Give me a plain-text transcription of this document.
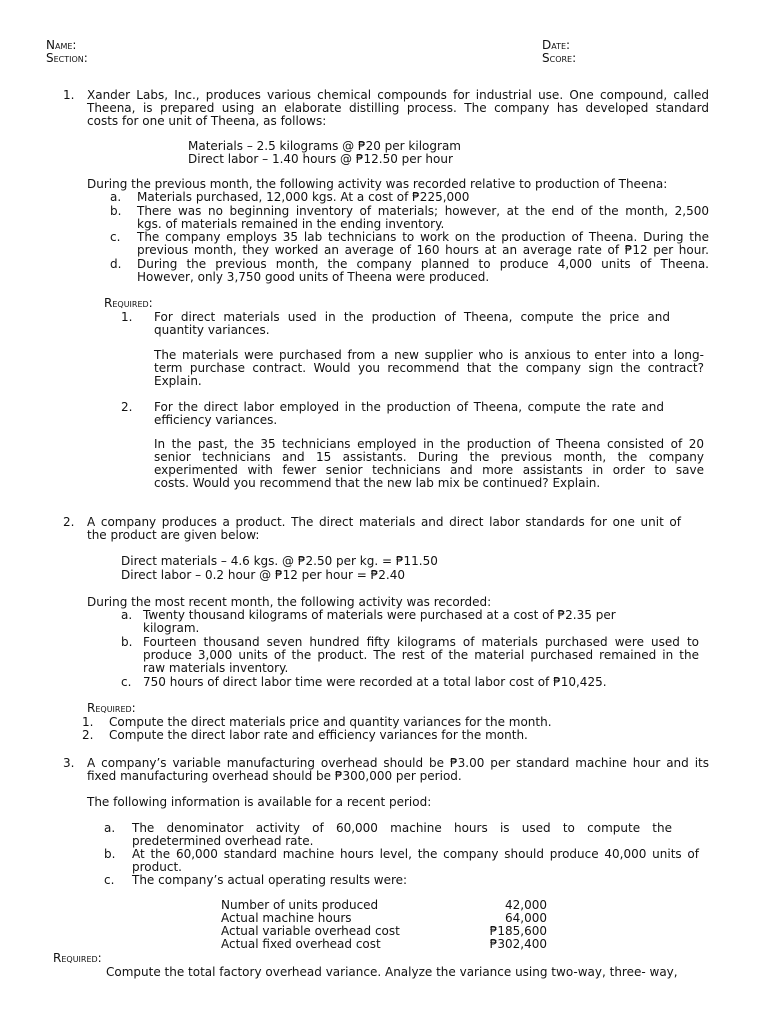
Name:
Section:
Date:
Score:
1. Xander Labs, Inc., produces various chemical compounds for industrial use. One compound, called
Theena, is prepared using an elaborate distilling process. The company has developed standard
costs for one unit of Theena, as follows:
Materials – 2.5 kilograms @ ₱20 per kilogram
Direct labor – 1.40 hours @ ₱12.50 per hour
During the previous month, the following activity was recorded relative to production of Theena:
a. Materials purchased, 12,000 kgs. At a cost of ₱225,000
b. There was no beginning inventory of materials; however, at the end of the month, 2,500
kgs. of materials remained in the ending inventory.
c. The company employs 35 lab technicians to work on the production of Theena. During the
previous month, they worked an average of 160 hours at an average rate of ₱12 per hour.
d. During the previous month, the company planned to produce 4,000 units of Theena.
However, only 3,750 good units of Theena were produced.
Required:
1. For direct materials used in the production of Theena, compute the price and
quantity variances.
The materials were purchased from a new supplier who is anxious to enter into a long-
term purchase contract. Would you recommend that the company sign the contract?
Explain.
2. For the direct labor employed in the production of Theena, compute the rate and
efficiency variances.
In the past, the 35 technicians employed in the production of Theena consisted of 20
senior technicians and 15 assistants. During the previous month, the company
experimented with fewer senior technicians and more assistants in order to save
costs. Would you recommend that the new lab mix be continued? Explain.
2. A company produces a product. The direct materials and direct labor standards for one unit of
the product are given below:
Direct materials – 4.6 kgs. @ ₱2.50 per kg. = ₱11.50
Direct labor – 0.2 hour @ ₱12 per hour = ₱2.40
During the most recent month, the following activity was recorded:
a. Twenty thousand kilograms of materials were purchased at a cost of ₱2.35 per
kilogram.
b. Fourteen thousand seven hundred fifty kilograms of materials purchased were used to
produce 3,000 units of the product. The rest of the material purchased remained in the
raw materials inventory.
c. 750 hours of direct labor time were recorded at a total labor cost of ₱10,425.
Required:
1. Compute the direct materials price and quantity variances for the month.
2. Compute the direct labor rate and efficiency variances for the month.
3. A company’s variable manufacturing overhead should be ₱3.00 per standard machine hour and its
fixed manufacturing overhead should be ₱300,000 per period.
The following information is available for a recent period:
a. The denominator activity of 60,000 machine hours is used to compute the
predetermined overhead rate.
b. At the 60,000 standard machine hours level, the company should produce 40,000 units of
product.
c. The company’s actual operating results were:
Number of units produced	42,000
Actual machine hours	64,000
Actual variable overhead cost	₱185,600
Actual fixed overhead cost	₱302,400
Required:
Compute the total factory overhead variance. Analyze the variance using two-way, three- way,
